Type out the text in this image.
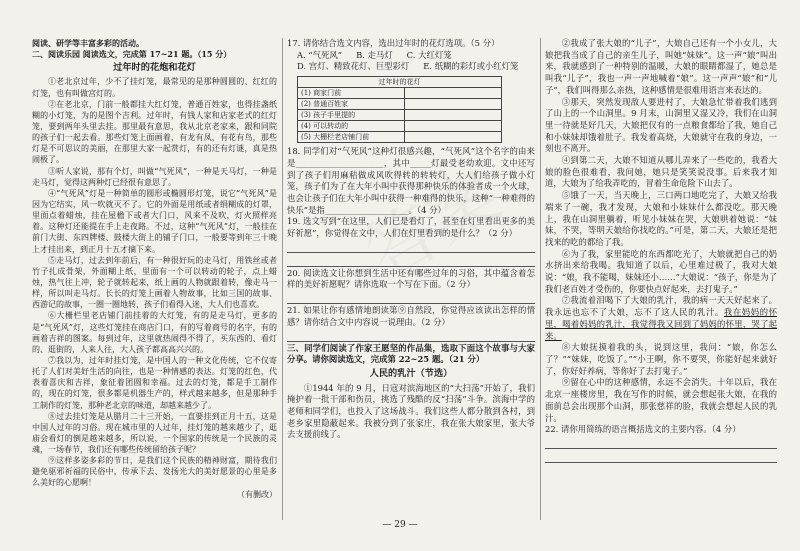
阅读、研学等丰富多彩的活动。

二、阅读乐园 阅读选文，完成第 17~21 题。（15 分）

过年时的花炮和花灯

①老北京过年，少不了挂灯笼，最常见的是那种圆圆的、红红的灯笼，也有叫做宫灯的。

②在老北京，门前一般都挂大红灯笼，普通百姓家，也得挂盏纸糊的小灯笼，为的是图个吉利。过年时，有钱人家和店家老式的红灯笼，要到两年头里去挂。那里最有意思，我从北京老家来，跟和同院的孩子们一起去看。那些灯笼上面画着，有龙有凤，有花有鸟，那些灯是不可思议的美丽，在那里大家一起赏灯，有的还有灯谜，真是热闹极了。

③听人家说，那有个灯，叫做“气死风”，一种是天马灯，一种是走马灯，觉得这两种灯已经很有意思了。

④“气死风”灯是一种简单的圆形或椭圆形灯笼，说它“气死风”是因为它结实，风一吹就灭不了。它的外面是用纸或者绢糊成的灯罩，里面点着蜡烛，挂在屋檐下或者大门口，风来不及吹，灯火照样亮着。这种灯还能提在手上走夜路。不过，这种“气死风”灯，一般挂在前门大街、东四牌楼、鼓楼大街上的铺子门口，一般要等到年三十晚上才挂出来，到正月十五才摘下来。

⑤走马灯，过去到年前后，有一种很好玩的走马灯，用铁丝或者竹子扎成骨架，外面糊上纸，里面有一个可以转动的轮子，点上蜡烛，热气往上冲，轮子就转起来，纸上画的人物就跟着转，像走马一样，所以叫走马灯。长长的灯笼上画着人物故事，比如三国的故事、西游记的故事，一圈一圈地转，孩子们看得入迷，大人们也喜欢。

⑥大栅栏里老店铺门前挂着的大灯笼，有的是走马灯，更多的是“气死风”灯，这些灯笼挂在商店门口，有的写着商号的名字，有的画着吉祥的图案。每到过年，这里就热闹得不得了，买东西的、看灯的、逛街的，人来人往，大人孩子都高高兴兴的。

⑦我以为，过年时挂灯笼，是中国人的一种文化传统，它不仅寄托了人们对美好生活的向往，也是一种情感的表达。灯笼的红色，代表着喜庆和吉祥，象征着团圆和幸福。过去的灯笼，都是手工制作的，现在的灯笼，很多都是机器生产的，样式越来越多，但是那种手工制作的灯笼，那种老北京的味道，却越来越少了。

⑧过去挂灯笼是从腊月二十三开始，一直要挂到正月十五，这是中国人过年的习俗。现在城市里的人过年，挂灯笼的越来越少了，逛庙会看灯的倒是越来越多，所以说，一个国家的传统是一个民族的灵魂，一场春节，我们还有哪些传统留给孩子呢？

⑨这样多姿多彩的节日，是我们这个民族的精神财富，期待我们避免驱邪祈福的民俗中，传承下去、发扬光大的美好愿景的心里是多么美好的心愿啊！

（有删改）

17. 请你结合选文内容，选出过年时的花灯选项。（5 分）

A. “气死风” B. 走马灯 C. 大红灯笼
D. 宫灯、精致花灯、巨型彩灯 E. 纸糊的彩灯或小红灯笼
过年时的花灯	
(1) 商家门前	
(2) 普通百姓家	
(3) 孩子手里提的	
(4) 可以转动的	
(5) 大栅栏老店铺门前	

18. 同学们对“气死风”这种灯很感兴趣，“气死风”这个名字的由来是_____________________，其中_____灯最受老幼欢迎。文中还写到了孩子们用麻秸做成风吹得转的转转灯，大人们给孩子做小灯笼，孩子们为了在大年小叫中获得那种快乐的体验者成一个火球，也会让孩子们在大年小叫中获得一种难得的快乐，这种“一种难得的快乐”是指____________________。（4 分）

19. 选文写到“在这里，人们已是看灯了，甚至在灯里看出更多的美好祈愿”，你觉得在文中，人们在灯里看到的是什么？（2 分）

20. 阅读选文让你想到生活中还有哪些过年的习俗，其中蕴含着怎样的美好祈愿呢？请你选取一个写在下面。（2 分）

21. 如果让你有感情地朗读第⑨自然段，你觉得应该读出怎样的情感？请你结合文中内容说一说理由。（2 分）

三、同学们阅读了作家王愿坚的作品集，选取下面这个故事与大家分享。请你阅读选文，完成第 22~25 题。（21 分）

人民的乳汁（节选）

①1944 年的 9 月，日寇对滨海地区的“大扫荡”开始了，我们掩护着一批干部和伤员，挑选了残酷的反“扫荡”斗争。滨海中学的老师和同学们，也投入了这场战斗。我们这些人都分散到各村，到老乡家里隐蔽起来。我被分到了张家庄，我在张大娘家里，张大爷去支援前线了。

②我成了张大娘的“儿子”，大娘自己还有一个小女儿，大娘把我当成了自己的亲生儿子，叫她“妹妹”。这一声“娘”叫出来，我就感到了一种特别的温暖，大娘的眼睛都湿了，她总是叫我“儿子”，我也一声一声地喊着“娘”。这一声声“娘”和“儿子”，我们叫得那么亲热，这种感情是很难用语言来表达的。

③那天，突然发现敌人要进村了，大娘急忙带着我们逃到了山上的一个山洞里。9 月末，山洞里又湿又冷，我们在山洞里一待就是好几天，大娘把仅有的一点粮食都给了我，她自己和小妹妹却饿着肚子。我发着高烧，大娘就守在我的身边，一刻也不离开。

④到第二天，大娘不知道从哪儿弄来了一些吃的，我看大娘的脸色很难看，我问她，她只是笑笑说没事。后来我才知道，大娘为了给我弄吃的，冒着生命危险下山去了。

⑤饿了一天，当天晚上，三口两口地吃完了，大娘又给我端来了一碗，我才发现，大娘和小妹妹什么都没吃。那天晚上，我在山洞里躺着，听见小妹妹在哭，大娘哄着她说：“妹妹，不哭，等明天娘给你找吃的。”可是，第二天，大娘还是把找来的吃的都给了我。

⑥为了我，家里能吃的东西都吃光了，大娘就把自己的奶水挤出来给我喝。我知道了以后，心里难过极了，我对大娘说：“娘，我不能喝，妹妹还小……”大娘说：“孩子，你是为了我们老百姓才受伤的，你要快点好起来，去打鬼子。”

⑦我流着泪喝下了大娘的乳汁，我的病一天天好起来了。我永远也忘不了大娘，忘不了这人民的乳汁。我在妈妈的怀里，喝着妈妈的乳汁，我觉得我又回到了妈妈的怀里，哭了起来。

⑧大娘抚摸着我的头，说到这里，我问：“娘，你怎么了？”“妹妹，吃饭了。”“小王啊，你不要哭，你能好起来就好了，你好好养病，等你好了去打鬼子。”

⑨留在心中的这种感情，永远不会消失。十年以后，我在北京一座楼房里，我在写作的时候，就会想起张大娘，在我的面前总会出现那个山洞，那张慈祥的脸，我就会想起人民的乳汁。

22. 请你用简练的语言概括选文的主要内容。（4 分）

— 29 —
